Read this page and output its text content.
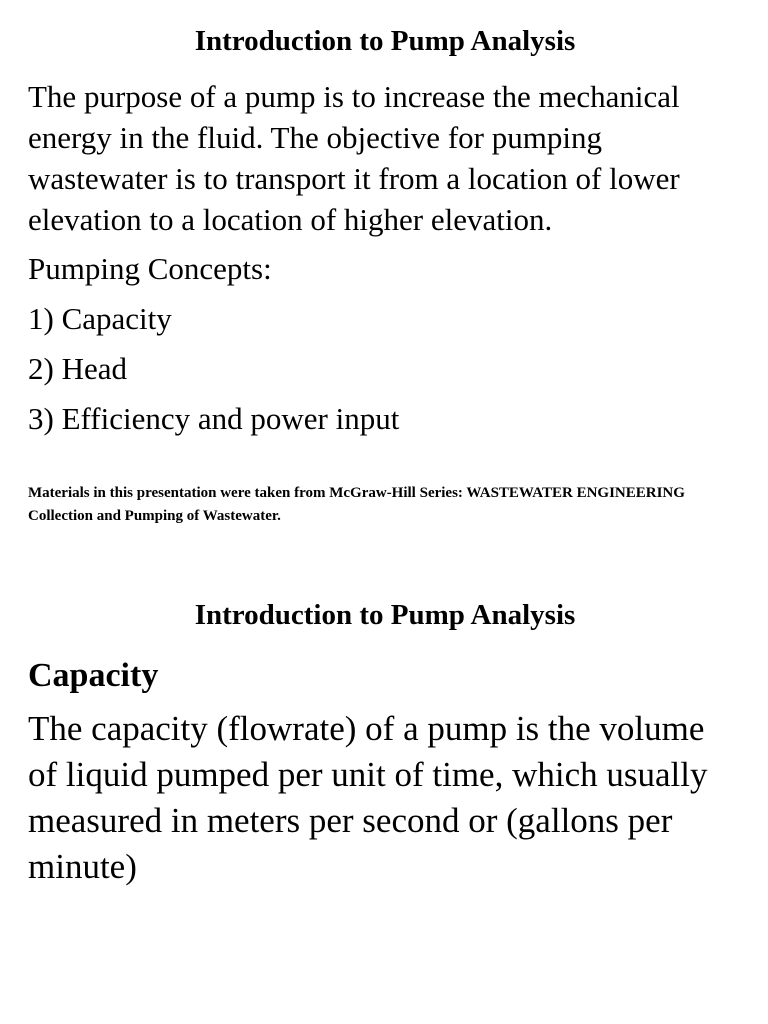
Introduction to Pump Analysis

The purpose of a pump is to increase the mechanical energy in the fluid. The objective for pumping wastewater is to transport it from a location of lower elevation to a location of higher elevation.

Pumping Concepts:

1) Capacity
2) Head
3) Efficiency and power input

Materials in this presentation were taken from McGraw-Hill Series: WASTEWATER ENGINEERING Collection and Pumping of Wastewater.

Introduction to Pump Analysis
Capacity

The capacity (flowrate) of a pump is the volume of liquid pumped per unit of time, which usually measured in meters per second or (gallons per minute)
